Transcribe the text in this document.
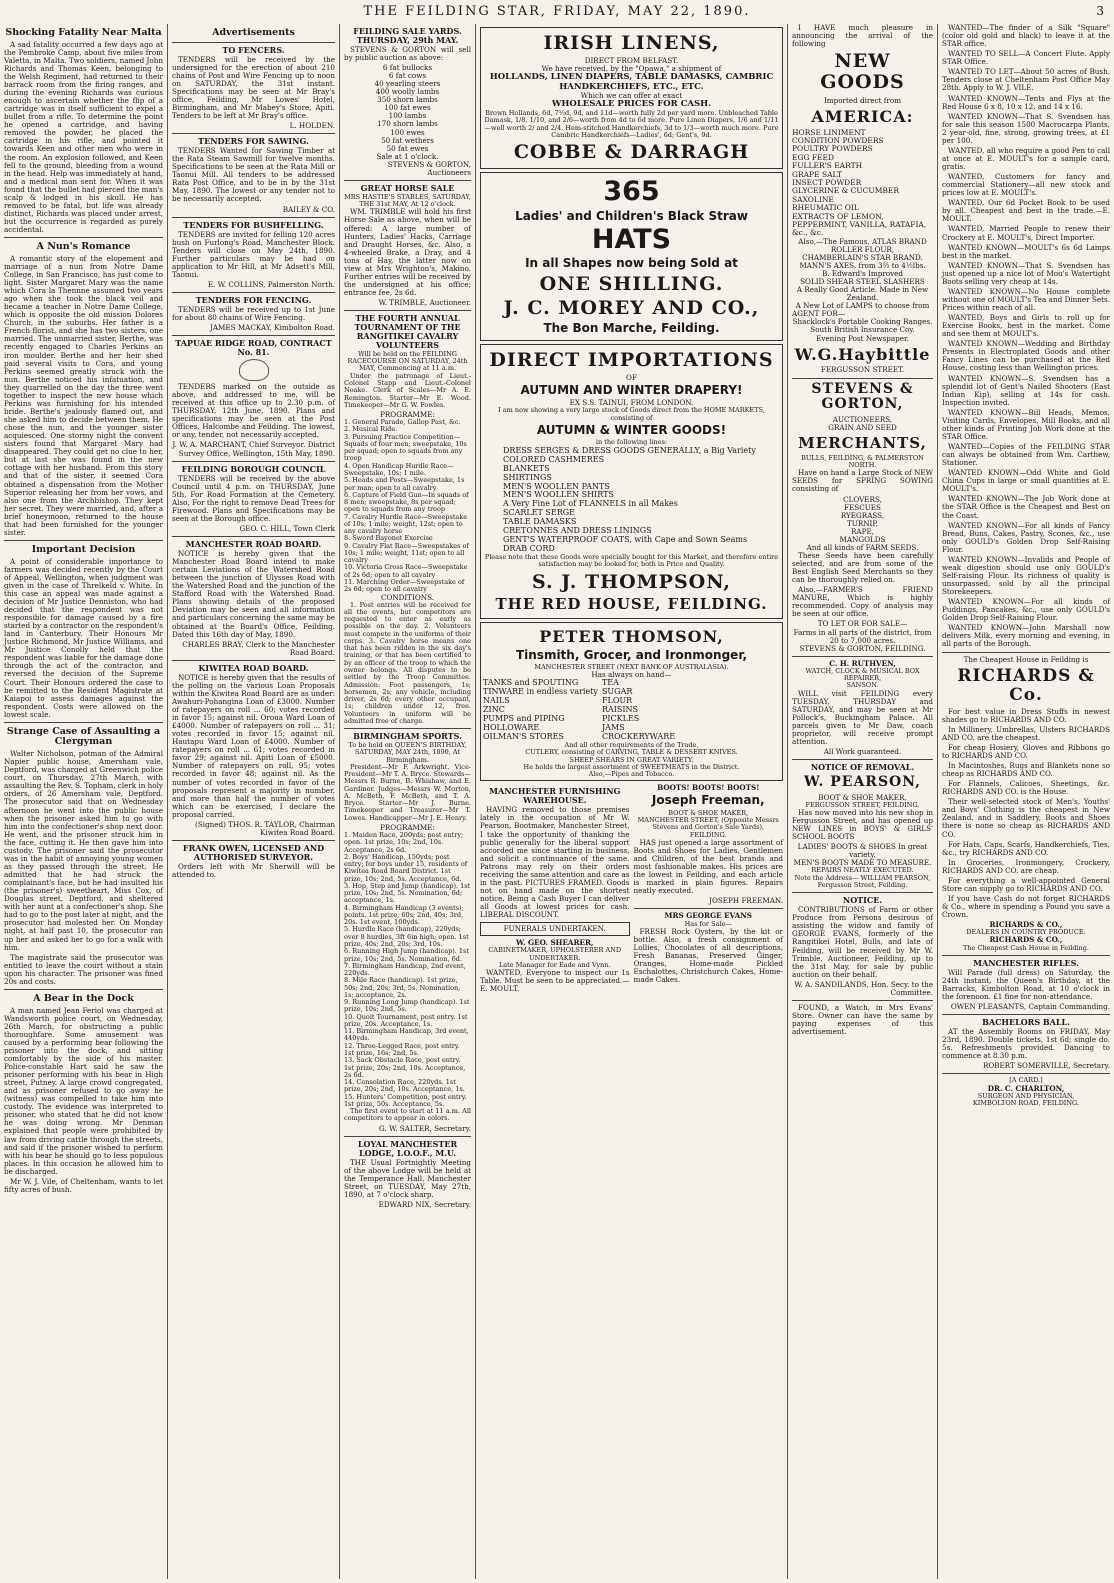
THE FEILDING STAR, FRIDAY, MAY 22, 1890.	3
Shocking Fatality Near Malta
A sad fatality occurred a few days ago at the Pembroke Camp, about five miles from Valetta, in Malta. Two soldiers, named John Richards and Thomas Keen, belonging to the Welsh Regiment, had returned to their barrack room from the firing ranges, and during the evening Richards was curious enough to ascertain whether the flip of a cartridge was in itself sufficient to expel a bullet from a rifle. To determine the point he opened a cartridge, and having removed the powder, he placed the cartridge in his rifle, and pointed it towards Keen and other men who were in the room. An explosion followed, and Keen fell to the ground, bleeding from a wound in the head. Help was immediately at hand, and a medical man sent for. When it was found that the bullet had pierced the man's scalp & lodged in his skull. He has removed to be fatal, but life was already distinct, Richards was placed under arrest, but the occurrence is regarded as purely accidental.
A Nun's Romance
A romantic story of the elopement and marriage of a nun from Notre Dame College, in San Francisco, has just come to light. Sister Margaret Mary was the name which Cora la Thennne assumed two years ago when she took the black veil and became a teacher in Notre Dame College, which is opposite the old mission Dolores Church, in the suburbs. Her father is a French florist, and she has two sisters, one married. The unmarried sister, Berthe, was recently engaged to Charles Perkins an iron moulder. Berthe and her heir shed paid several visits to Cora, and young Perkins seemed greatly struck with the nun. Berthe noticed his infatuation, and they quarrelled on the day the three went together to inspect the new house which Perkins was furnishing for his intended bride. Berthe's jealously flamed out, and she asked him to decide between them. He chose the nun, and the younger sister acquiesced. One stormy night the convent sisters found that Margaret Mary had disappeared. They could get no clue to her, but at last she was found in the new cottage with her husband. From this story and that of the sister, it seemed Cora obtained a dispensation from the Mother Superior releasing her from her vows, and also one from the Archbishop. They kept her secret. They were married, and, after a brief honeymoon, returned to the house that had been furnished for the younger sister.
Important Decision
A point of considerable importance to farmers was decided recently by the Court of Appeal, Wellington, when judgment was given in the case of Threlkeld v. White. In this case an appeal was made against a decision of Mr Justice Denniston, who had decided that the respondent was not responsible for damage caused by a fire started by a contractor on the respondent's land in Canterbury. Their Honours Mr Justice Richmond, Mr Justice Williams, and Mr Justice Conolly held that the respondent was liable for the damage done through the act of the contractor, and reversed the decision of the Supreme Court. Their Honours ordered the case to be remitted to the Resident Magistrate at Kaiapoi to assess damages against the respondent. Costs were allowed on the lowest scale.
Strange Case of Assaulting a Clergyman
Walter Nicholson, potman of the Admiral Napier public house, Amersham vale, Deptford, was charged at Greenwich police court, on Thursday, 27th March, with assaulting the Rev. S. Topham, clerk in holy orders, of 26 Amersham vale, Deptford. The prosecutor said that on Wednesday afternoon he went into the public house when the prisoner asked him to go with him into the confectioner's shop next door. He went, and the prisoner struck him in the face, cutting it. He then gave him into custody. The prisoner said the prosecutor was in the habit of annoying young women as they passed through the street. He admitted that he had struck the complainant's face, but he had insulted his (the prisoner's) sweetheart, Miss Cox, of Douglas street, Deptford, and sheltered with her aunt at a confectioner's shop. She had to go to the post later at night, and the prosecutor had molested her. On Monday night, at half past 10, the prosecutor ran up her and asked her to go for a walk with him.
The magistrate said the prosecutor was entitled to leave the court without a stain upon his character. The prisoner was fined 20s and costs.
A Bear in the Dock
A man named Jean Feriol was charged at Wandsworth police court, on Wednesday, 26th March, for obstructing a public thoroughfare. Some amusement was caused by a performing bear following the prisoner into the dock, and sitting comfortably by the side of his master. Police-constable Hart said he saw the prisoner performing with his bear in High street, Putney. A large crowd congregated, and as prisoner refused to go away he (witness) was compelled to take him into custody. The evidence was interpreted to prisoner, who stated that he did not know he was doing wrong. Mr Denman explained that people were prohibited by law from driving cattle through the streets, and said if the prisoner wished to perform with his bear he should go to less populous places. In this occasion he allowed him to be discharged.
Mr W. J. Vile, of Cheltenham, wants to let fifty acres of bush.
Advertisements
TO FENCERS.
TENDERS will be received by the undersigned for the erection of about 210 chains of Post and Wire Fencing up to noon on SATURDAY, the 31st instant. Specifications may be seen at Mr Bray's office, Feilding, Mr Lowes' Hotel, Birmingham, and Mr Mabey's Store, Apiti. Tenders to be left at Mr Bray's office.
L. HOLDEN.
TENDERS FOR SAWING.
TENDERS Wanted for Sawing Timber at the Rata Steam Sawmill for twelve months. Specifications to be seen at the Rata Mill or Taonui Mill. All tenders to be addressed Rata Post Office, and to be in by the 31st May, 1890. The lowest or any tender not to be necessarily accepted.
BAILEY & CO.
TENDERS FOR BUSHFELLING.
TENDERS are invited for felling 120 acres bush on Furlong's Road, Manchester Block. Tenders will close on May 24th, 1890. Further particulars may be had on application to Mr Hill, at Mr Adsett's Mill, Taonui.
E. W. COLLINS, Palmerston North.
TENDERS FOR FENCING.
TENDERS will be received up to 1st June for about 80 chains of Wire Fencing.
JAMES MACKAY, Kimbolton Road.
TAPUAE RIDGE ROAD, CONTRACT No. 81.
TENDERS marked on the outside as above, and addressed to me, will be received at this office up to 2.30 p.m. of THURSDAY, 12th June, 1890. Plans and specifications may be seen at the Post Offices, Halcombe and Feilding. The lowest, or any, tender, not necessarily accepted.
J. W. A. MARCHANT, Chief Surveyor. District Survey Office, Wellington, 15th May, 1890.
FEILDING BOROUGH COUNCIL
TENDERS will be received by the above Council until 4 p.m. on THURSDAY, June 5th, For Road Formation at the Cemetery. Also, For the right to remove Dead Trees for Firewood. Plans and Specifications may be seen at the Borough office.
GEO. C. HILL, Town Clerk
MANCHESTER ROAD BOARD.
NOTICE is hereby given that the Manchester Road Board intend to make certain Leviations of the Watershed Road between the junction of Ulysses Road with the Watershed Road and the junction of the Stafford Road with the Watershed Road. Plans showing details of the proposed Deviation may be seen and all information and particulars concerning the same may be obtained at the Board's Office, Feilding. Dated this 16th day of May, 1890.
CHARLES BRAY, Clerk to the Manchester Road Board.
KIWITEA ROAD BOARD.
NOTICE is hereby given that the results of the polling on the various Loan Proposals within the Kiwitea Road Board are as under: Awahuri-Pohangina Loan of £3000. Number of ratepayers on roll ... 60; votes recorded in favor 15; against nil. Oroua Ward Loan of £4000. Number of ratepayers on roll ... 31; votes recorded in favor 15; against nil. Hautapu Ward Loan of £4000. Number of ratepayers on roll ... 61; votes recorded in favor 29; against nil. Apiti Loan of £5000. Number of ratepayers on roll, 95; votes recorded in favor 48; against nil. As the number of votes recorded in favor of the proposals represent a majority in number, and more than half the number of votes which can be exercised, I declare the proposal carried.
(Signed) THOS. R. TAYLOR, Chairman Kiwitea Road Board.
FRANK OWEN, LICENSED AND AUTHORISED SURVEYOR.
Orders left with Mr Sherwill will be attended to.
FEILDING SALE YARDS. THURSDAY, 29th MAY.
STEVENS & GORTON will sell by public auction as above:
6 fat bullocks
6 fat cows
40 yearling steers
400 woolly lambs
350 shorn lambs
100 fat ewes
100 lambs
170 shorn lambs
100 ewes
50 fat wethers
50 fat ewes
Sale at 1 o'clock.
STEVENS & GORTON, Auctioneers
GREAT HORSE SALE
MRS HASTIE'S STABLES, SATURDAY, THE 31st MAY, At 12 o'clock.
WM. TRIMBLE will hold his first Horse Sale as above, when will be offered: A large number of Hunters, Ladies' Hacks, Carriage and Draught Horses, &c. Also, a 4-wheeled Brake, a Dray, and 4 tons of Hay, the latter now on view at Mrs Wrighton's, Makino. Further entries will be received by the undersigned at his office; entrance fee, 2s 6d.
W. TRIMBLE, Auctioneer.
THE FOURTH ANNUAL TOURNAMENT OF THE RANGITIKEI CAVALRY VOLUNTEERS
Will be held on the FEILDING RACECOURSE ON SATURDAY, 24th MAY, Commencing at 11 a.m.
Under the patronage of Lieut.-Colonel Stapp and Lieut.-Colonel Noake. Clerk of Scales—Mr A. E. Remington. Starter—Mr E. Wood. Timekeeper—Mr G. W. Fowles.
PROGRAMME:
1. General Parade, Gallop Past, &c.
2. Musical Ride.
3. Pursuing Practice Competition—Squads of four men; sweepstake, 10s per squad; open to squads from any troop
4. Open Handicap Hurdle Race—Sweepstake, 10s; 1 mile.
5. Heads and Posts—Sweepstake, 1s per man; open to all cavalry
6. Capture of Field Gun—In squads of 8 men; sweepstake, 8s per squad; open to squads from any troop
7. Cavalry Hurdle Race—Sweepstake of 10s; 1 mile; weight, 12st; open to any cavalry horse
8. Sword Bayonet Exercise
9. Cavalry Flat Race—Sweepstakes of 10s; 1 mile; weight, 11st; open to all cavalry
10. Victoria Cross Race—Sweepstake of 2s 6d; open to all cavalry
11. Marching Order—Sweepstake of 2s 6d; open to all cavalry
CONDITIONS.
1. Post entries will be received for all the events, but competitors are requested to enter as early as possible on the day. 2. Volunteers must compete in the uniforms of their corps. 3. Cavalry horse means one that has been ridden in the six day's training, or that has been certified to by an officer of the troop to which the owner belongs. All disputes to be settled by the Troop Committee. Admission: Foot passengers, 1s; horsemen, 2s; any vehicle, including driver, 2s 6d; every other occupant, 1s; children under 12, free. Volunteers in uniform will be admitted free of charge.
BIRMINGHAM SPORTS.
To be held on QUEEN'S BIRTHDAY, SATURDAY, MAY 24th, 1890, At Birmingham.
President—Mr F. Arkwright. Vice-President—Mr T. A. Bryce. Stewards—Messrs R. Burne, B. Whishaw, and E. Gardiner. Judges—Messrs W. Morton, A. McBeth, F. McBeth, and T. A. Bryce. Starter—Mr J. Burne. Timekeeper and Treasurer—Mr T. Lowes. Handicapper—Mr J. E. Henry.
PROGRAMME:
1. Maiden Race, 200yds; post entry; open. 1st prize, 10s; 2nd, 10s. Acceptance, 2s 6d.
2. Boys' Handicap, 150yds; post entry; for boys under 15, residents of Kiwitea Road Board District. 1st prize, 10s; 2nd, 5s. Acceptance, 6d.
3. Hop, Step and Jump (handicap). 1st prize, 10s; 2nd, 5s. Nomination, 6d; acceptance, 1s.
4. Birmingham Handicap (3 events); points. 1st prize, 60s; 2nd, 40s; 3rd, 20s. 1st event, 100yds.
5. Hurdle Race (handicap), 220yds; over 8 hurdles, 3ft 6in high; open. 1st prize, 40s; 2nd, 20s; 3rd, 10s.
6. Running High Jump (handicap). 1st prize, 10s; 2nd, 5s. Nomination, 6d.
7. Birmingham Handicap, 2nd event, 220yds.
8. Mile Race (handicap). 1st prize, 50s; 2nd, 20s; 3rd, 5s. Nomination, 1s; acceptance, 2s.
9. Running Long Jump (handicap). 1st prize, 10s; 2nd, 5s.
10. Quoit Tournament, post entry. 1st prize, 20s. Acceptance, 1s.
11. Birmingham Handicap, 3rd event, 440yds.
12. Three-Legged Race, post entry. 1st prize, 16s; 2nd, 5s.
13. Sack Obstacle Race, post entry. 1st prize, 20s; 2nd, 10s. Acceptance, 2s 6d.
14. Consolation Race, 220yds. 1st prize, 20s; 2nd, 10s. Acceptance, 1s.
15. Hunters' Competition, post entry. 1st prize, 50s. Acceptance, 5s.
The first event to start at 11 a.m. All competitors to appear in colors.
G. W. SALTER, Secretary.
LOYAL MANCHESTER LODGE, I.O.O.F., M.U.
THE Usual Fortnightly Meeting of the above Lodge will be held at the Temperance Hall, Manchester Street, on TUESDAY, May 27th, 1890, at 7 o'clock sharp.
EDWARD NIX, Secretary.
IRISH LINENS,
DIRECT FROM BELFAST.
We have received, by the "Opawa," a shipment of
HOLLANDS, LINEN DIAPERS, TABLE DAMASKS, CAMBRIC HANDKERCHIEFS, ETC., ETC.
Which we can offer at exact
WHOLESALE PRICES FOR CASH.
Brown Hollands, 6d, 7½d, 9d, and 11d—worth fully 2d per yard more. Unbleached Table Damask, 1/8, 1/10, and 2/6—worth from 4d to 6d more. Pure Linen Diapers, 1/6 and 1/11—well worth 2/ and 2/4. Hem-stitched Handkerchiefs, 3d to 1/3—worth much more. Pure Cambric Handkerchiefs—Ladies', 6d; Gent's, 9d.
COBBE & DARRAGH
365
Ladies' and Children's Black Straw
HATS
In all Shapes now being Sold at
ONE SHILLING.
J. C. MOREY AND CO.,
The Bon Marche, Feilding.
DIRECT IMPORTATIONS
OF
AUTUMN AND WINTER DRAPERY!
EX S.S. TAINUI, FROM LONDON.
I am now showing a very large stock of Goods direct from the HOME MARKETS, consisting of
AUTUMN & WINTER GOODS!
in the following lines:
DRESS SERGES & DRESS GOODS GENERALLY, a Big Variety
COLORED CASHMERES
BLANKETS
SHIRTINGS
MEN'S WOOLLEN PANTS
MEN'S WOOLLEN SHIRTS
A Very Fine Lot of FLANNELS in all Makes
SCARLET SERGE
TABLE DAMASKS
CRETONNES AND DRESS LININGS
GENT'S WATERPROOF COATS, with Cape and Sown Seams
DRAB CORD
Please note that these Goods were specially bought for this Market, and therefore entire satisfaction may be looked for, both in Price and Quality.
S. J. THOMPSON,
THE RED HOUSE, FEILDING.
PETER THOMSON,
Tinsmith, Grocer, and Ironmonger,
MANCHESTER STREET (NEXT BANK OF AUSTRALASIA).
Has always on hand—
TANKS and SPOUTING
TINWARE in endless variety
NAILS
ZINC
PUMPS and PIPING
HOLLOWARE
OILMAN'S STORES
TEA
SUGAR
FLOUR
RAISINS
PICKLES
JAMS
CROCKERYWARE
And all other requirements of the Trade,
CUTLERY, consisting of CARVING, TABLE & DESSERT KNIVES.
SHEEP SHEARS IN GREAT VARIETY.
He holds the largest assortment of SWEETMEATS in the District.
Also,—Pipes and Tobacco.
MANCHESTER FURNISHING WAREHOUSE.
HAVING removed to those premises lately in the occupation of Mr W. Pearson, Bootmaker, Manchester Street, I take the opportunity of thanking the public generally for the liberal support accorded me since starting in business, and solicit a continuance of the same. Patrons may rely on their orders receiving the same attention and care as in the past. PICTURES FRAMED. Goods not on hand made on the shortest notice. Being a Cash Buyer I can deliver all Goods at lowest prices for cash. LIBERAL DISCOUNT.
FUNERALS UNDERTAKEN.
W. GEO. SHEARER,
CABINETMAKER, UPHOLSTERER AND UNDERTAKER.
Late Manager for Eade and Vynn.
WANTED, Everyone to inspect our 1s Table. Must be seen to be appreciated.—E. MOULT.
BOOTS! BOOTS! BOOTS!
Joseph Freeman,
BOOT & SHOE MAKER,
MANCHESTER STREET, (Opposite Messrs Stevens and Gorton's Sale Yards), FEILDING.
HAS just opened a large assortment of Boots and Shoes for Ladies, Gentlemen and Children, of the best brands and most fashionable makes. His prices are the lowest in Feilding, and each article is marked in plain figures. Repairs neatly executed.
JOSEPH FREEMAN.
MRS GEORGE EVANS
Has for Sale—
FRESH Rock Oysters, by the kit or bottle. Also, a fresh consignment of Lollies, Chocolates of all descriptions, Fresh Bananas, Preserved Ginger, Oranges, Home-made Pickled Eschalottes, Christchurch Cakes, Home-made Cakes.
I HAVE much pleasure in announcing the arrival of the following
NEW GOODS
Imported direct from
AMERICA:
HORSE LINIMENT
CONDITION POWDERS
POULTRY POWDERS
EGG FEED
FULLER'S EARTH
GRAPE SALT
INSECT POWDER
GLYCERINE & CUCUMBER
SAXOLINE
RHEUMATIC OIL
EXTRACTS OF LEMON, PEPPERMINT, VANILLA, RATAFIA, &c., &c.
Also,—The Famous, ATLAS BRAND ROLLER FLOUR,
CHAMBERLAIN'S STAR BRAND.
MANN'S AXES, from 3½ to 4½lbs.
B. Edward's Improved
SOLID SHEAR STEEL SLASHERS
A Really Good Article. Made in New Zealand.
A New Lot of LAMPS to choose from
AGENT FOR—
Shacklock's Portable Cooking Ranges.
South British Insurance Coy.
Evening Post Newspaper.
W.G.Haybittle
FERGUSSON STREET.
STEVENS & GORTON,
AUCTIONEERS,
GRAIN AND SEED
MERCHANTS,
BULLS, FEILDING, & PALMERSTON NORTH.
Have on hand a Large Stock of NEW SEEDS for SPRING SOWING consisting of
CLOVERS,
FESCUES
RYEGRASS,
TURNIP,
RAPE,
MANGOLDS
And all kinds of FARM SEEDS.
These Seeds have been carefully selected, and are from some of the Best English Seed Merchants so they can be thoroughly relied on.
Also,—FARMER'S FRIEND MANURE, Which is highly recommended. Copy of analysis may be seen at our office.
TO LET OR FOR SALE—
Farms in all parts of the district, from 20 to 7,000 acres.
STEVENS & GORTON, FEILDING.
C. H. RUTHVEN,
WATCH, CLOCK & MUSICAL BOX REPAIRER,
SANSON.
WILL visit FEILDING every TUESDAY, THURSDAY and SATURDAY, and may be seen at Mr Pollock's, Buckingham Palace. All parcels given to Mr Daw, coach proprietor, will receive prompt attention.
All Work guaranteed.
NOTICE OF REMOVAL.
W. PEARSON,
BOOT & SHOE MAKER,
FERGUSSON STREET, FEILDING.
Has now moved into his new shop in Fergusson Street, and has opened up NEW LINES in BOYS' & GIRLS' SCHOOL BOOTS
LADIES' BOOTS & SHOES In great variety.
MEN'S BOOTS MADE TO MEASURE.
REPAIRS NEATLY EXECUTED.
Note the Address— WILLIAM PEARSON, Fergusson Street, Feilding.
NOTICE.
CONTRIBUTIONS of Farm or other Produce from Persons desirous of assisting the widow and family of GEORGE EVANS, formerly of the Rangitikei Hotel, Bulls, and late of Feilding, will be received by Mr W. Trimble, Auctioneer, Feilding, up to the 31st May, for sale by public auction on their behalf.
W. A. SANDILANDS, Hon. Secy. to the Committee.
FOUND, a Watch, in Mrs Evans' Store. Owner can have the same by paying expenses of this advertisement.
WANTED—The finder of a Silk "Square" (color old gold and black) to leave it at the STAR office.
WANTED TO SELL—A Concert Flute. Apply STAR Office.
WANTED TO LET—About 50 acres of Bush. Tenders close at Cheltenham Post Office May 28th. Apply to W. J. VILE.
WANTED KNOWN—Tents and Flys at the Red House 6 x 8, 10 x 12, and 14 x 16.
WANTED KNOWN—That S. Svendsen has for sale this season 1500 Macrocarpa Plants, 2 year-old, fine, strong, growing trees, at £1 per 100.
WANTED, all who require a good Pen to call at once at E. MOULT's for a sample card, gratis.
WANTED, Customers for fancy and commercial Stationery—all new stock and prices low at E. MOULT's.
WANTED, Our 6d Pocket Book to be used by all. Cheapest and best in the trade.—E. MOULT.
WANTED, Married People to renew their Crockery at E. MOULT's, Direct Importer.
WANTED KNOWN—MOULT's 6s 6d Lamps best in the market.
WANTED KNOWN—That S. Svendsen has just opened up a nice lot of Mou's Watertight Boots selling very cheap at 14s.
WANTED KNOWN—No House complete without one of MOULT's Tea and Dinner Sets. Prices within reach of all.
WANTED, Boys and Girls to roll up for Exercise Books, best in the market. Come and see them at MOULT's.
WANTED KNOWN—Wedding and Birthday Presents in Electroplated Goods and other Fancy Lines can be purchased at the Red House, costing less than Wellington prices.
WANTED KNOWN—S. Svendsen has a splendid lot of Gent's Nailed Shooters (East Indian Kip), selling at 14s for cash. Inspection invited.
WANTED KNOWN—Bill Heads, Memos, Visiting Cards, Envelopes, Mill Books, and all other kinds of Printing Job Work done at the STAR Office.
WANTED—Copies of the FEILDING STAR can always be obtained from Wm. Carthew, Stationer.
WANTED KNOWN—Odd White and Gold China Cups in large or small quantities at E. MOULT's.
WANTED KNOWN—The Job Work done at the STAR Office is the Cheapest and Best on the Coast.
WANTED KNOWN—For all kinds of Fancy Bread, Buns, Cakes, Pastry, Scones, &c., use only GOULD's Golden Drop Self-Raising Flour.
WANTED KNOWN—Invalids and People of weak digestion should use only GOULD's Self-raising Flour. Its richness of quality is unsurpassed, sold by all the principal Storekeepers.
WANTED KNOWN—For all kinds of Puddings, Pancakes, &c., use only GOULD's Golden Drop Self-Raising Flour.
WANTED KNOWN—John Marshall now delivers Milk, every morning and evening, in all parts of the Borough.
The Cheapest House in Feilding is
RICHARDS & Co.
For best value in Dress Stuffs in newest shades go to RICHARDS AND CO.
In Millinery, Umbrellas, Ulsters RICHARDS AND CO. are the cheapest.
For cheap Hosiery, Gloves and Ribbons go to RICHARDS AND CO.
In Macintoshes, Rugs and Blankets none so cheap as RICHARDS AND CO.
For Flannels, Calicoes, Sheetings, &c. RICHARDS AND CO. is the House.
Their well-selected stock of Men's, Youths' and Boys' Clothing is the cheapest in New Zealand, and in Saddlery, Boots and Shoes there is none so cheap as RICHARDS AND CO.
For Hats, Caps, Scarfs, Handkerchiefs, Ties, &c., try RICHARDS AND CO.
In Groceries, Ironmongery, Crockery, RICHARDS AND CO. are cheap.
For everything a well-appointed General Store can supply go to RICHARDS AND CO.
If you have Cash do not forget RICHARDS & Co., where in spending a Pound you save a Crown.
RICHARDS & CO.,
DEALERS IN COUNTRY PRODUCE.
RICHARDS & CO.,
The Cheapest Cash House in Feilding.
MANCHESTER RIFLES.
Will Parade (full dress) on Saturday, the 24th instant, the Queen's Birthday, at the Barracks, Kimbolton Road, at 10 o'clock in the forenoon. £1 fine for non-attendance.
OWEN PLEASANTS, Captain Commanding.
BACHELORS BALL.
AT the Assembly Rooms on FRIDAY, May 23rd, 1890. Double tickets, 1st 6d; single do. 5s. Refreshments provided. Dancing to commence at 8.30 p.m.
ROBERT SOMERVILLE, Secretary.
[A CARD.]
DR. C. CHARLTON,
SURGEON AND PHYSICIAN,
KIMBOLTON ROAD, FEILDING.
